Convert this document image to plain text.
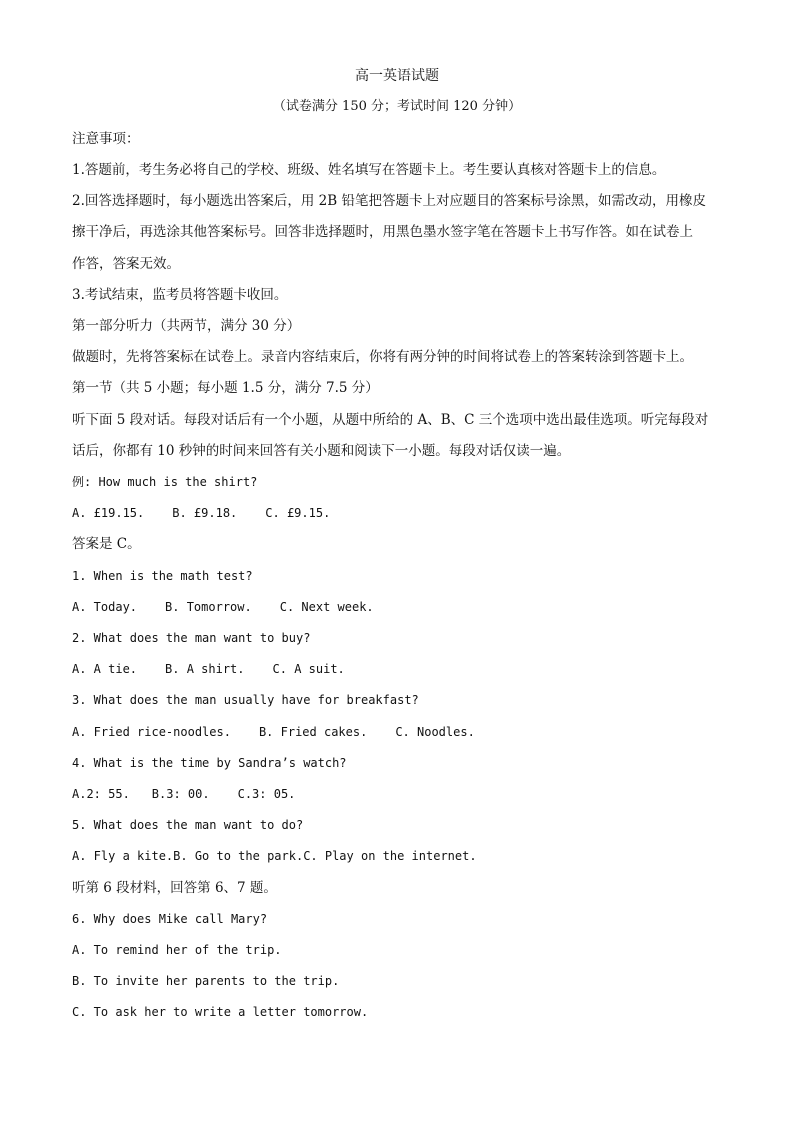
高一英语试题
（试卷满分 150 分；考试时间 120 分钟）
注意事项：
1.答题前，考生务必将自己的学校、班级、姓名填写在答题卡上。考生要认真核对答题卡上的信息。
2.回答选择题时，每小题选出答案后，用 2B 铅笔把答题卡上对应题目的答案标号涂黑，如需改动，用橡皮
擦干净后，再选涂其他答案标号。回答非选择题时，用黑色墨水签字笔在答题卡上书写作答。如在试卷上
作答，答案无效。
3.考试结束，监考员将答题卡收回。
第一部分听力（共两节，满分 30 分）
做题时，先将答案标在试卷上。录音内容结束后，你将有两分钟的时间将试卷上的答案转涂到答题卡上。
第一节（共 5 小题；每小题 1.5 分，满分 7.5 分）
听下面 5 段对话。每段对话后有一个小题，从题中所给的 A、B、C 三个选项中选出最佳选项。听完每段对
话后，你都有 10 秒钟的时间来回答有关小题和阅读下一小题。每段对话仅读一遍。
例: How much is the shirt?
A. £19.15. B. £9.18. C. £9.15.
答案是 C。
1. When is the math test?
A. Today. B. Tomorrow. C. Next week.
2. What does the man want to buy?
A. A tie. B. A shirt. C. A suit.
3. What does the man usually have for breakfast?
A. Fried rice-noodles. B. Fried cakes. C. Noodles.
4. What is the time by Sandra’s watch?
A.2: 55. B.3: 00. C.3: 05.
5. What does the man want to do?
A. Fly a kite.B. Go to the park.C. Play on the internet.
听第 6 段材料，回答第 6、7 题。
6. Why does Mike call Mary?
A. To remind her of the trip.
B. To invite her parents to the trip.
C. To ask her to write a letter tomorrow.
